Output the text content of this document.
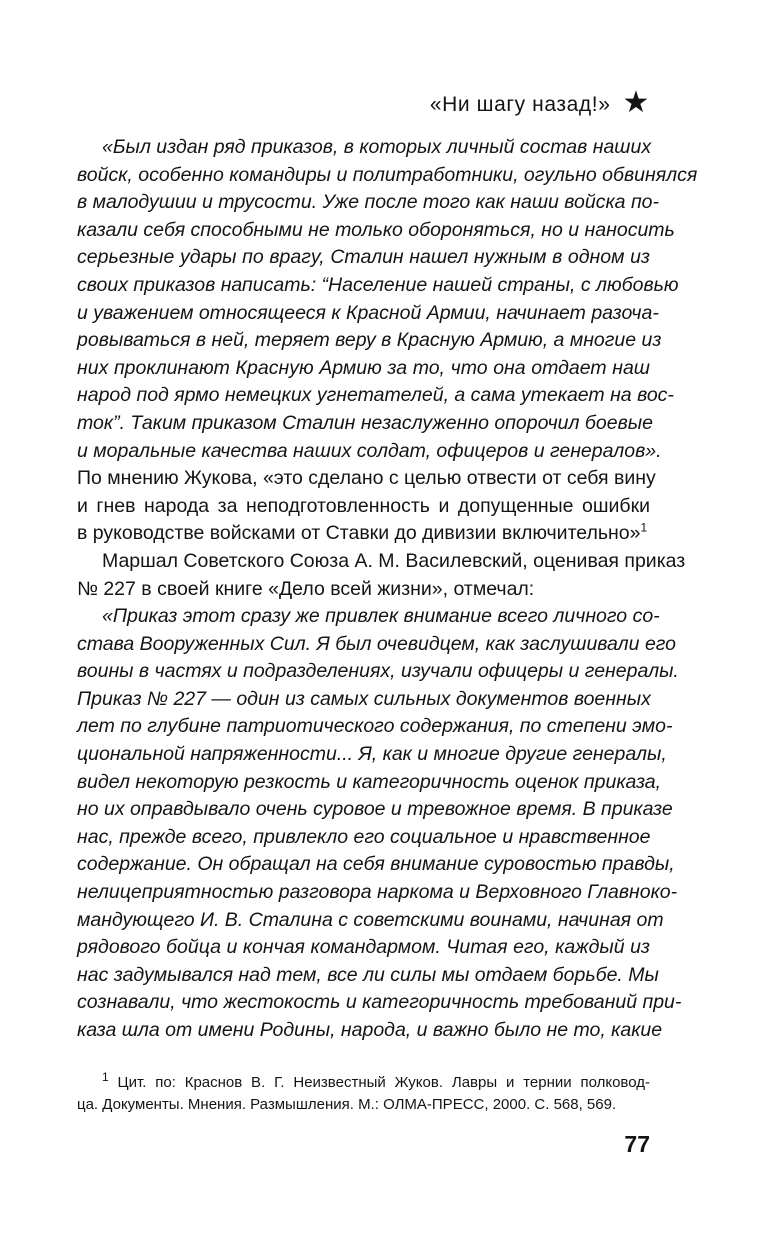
«Ни шагу назад!» ★
«Был издан ряд приказов, в которых личный состав наших
войск, особенно командиры и политработники, огульно обвинялся
в малодушии и трусости. Уже после того как наши войска по-
казали себя способными не только обороняться, но и наносить
серьезные удары по врагу, Сталин нашел нужным в одном из
своих приказов написать: “Население нашей страны, с любовью
и уважением относящееся к Красной Армии, начинает разоча-
ровываться в ней, теряет веру в Красную Армию, а многие из
них проклинают Красную Армию за то, что она отдает наш
народ под ярмо немецких угнетателей, а сама утекает на вос-
ток”. Таким приказом Сталин незаслуженно опорочил боевые
и моральные качества наших солдат, офицеров и генералов».
По мнению Жукова, «это сделано с целью отвести от себя вину
и гнев народа за неподготовленность и допущенные ошибки
в руководстве войсками от Ставки до дивизии включительно»$^1$
Маршал Советского Союза А. М. Василевский, оценивая приказ
№ 227 в своей книге «Дело всей жизни», отмечал:
«Приказ этот сразу же привлек внимание всего личного со-
става Вооруженных Сил. Я был очевидцем, как заслушивали его
воины в частях и подразделениях, изучали офицеры и генералы.
Приказ № 227 — один из самых сильных документов военных
лет по глубине патриотического содержания, по степени эмо-
циональной напряженности... Я, как и многие другие генералы,
видел некоторую резкость и категоричность оценок приказа,
но их оправдывало очень суровое и тревожное время. В приказе
нас, прежде всего, привлекло его социальное и нравственное
содержание. Он обращал на себя внимание суровостью правды,
нелицеприятностью разговора наркома и Верховного Главноко-
мандующего И. В. Сталина с советскими воинами, начиная от
рядового бойца и кончая командармом. Читая его, каждый из
нас задумывался над тем, все ли силы мы отдаем борьбе. Мы
сознавали, что жестокость и категоричность требований при-
каза шла от имени Родины, народа, и важно было не то, какие
$^1$ Цит. по: Краснов В. Г. Неизвестный Жуков. Лавры и тернии полковод-
ца. Документы. Мнения. Размышления. М.: ОЛМА-ПРЕСС, 2000. С. 568, 569.
77
